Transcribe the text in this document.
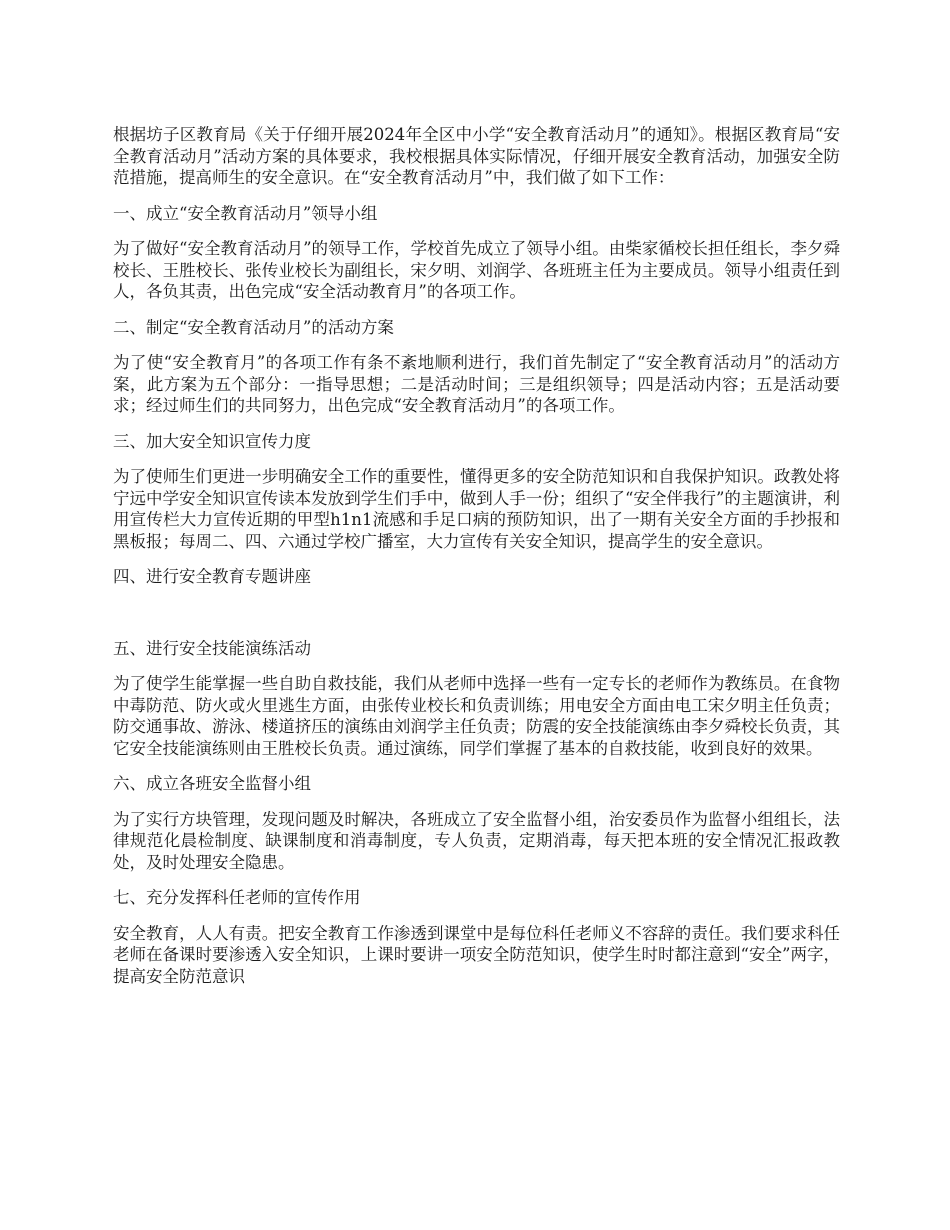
根据坊子区教育局《关于仔细开展2024年全区中小学“安全教育活动月”的通知》。根据区教育局“安全教育活动月”活动方案的具体要求，我校根据具体实际情况，仔细开展安全教育活动，加强安全防范措施，提高师生的安全意识。在“安全教育活动月”中，我们做了如下工作：

一、成立“安全教育活动月”领导小组

为了做好“安全教育活动月”的领导工作，学校首先成立了领导小组。由柴家循校长担任组长，李夕舜校长、王胜校长、张传业校长为副组长，宋夕明、刘润学、各班班主任为主要成员。领导小组责任到人，各负其责，出色完成“安全活动教育月”的各项工作。

二、制定“安全教育活动月”的活动方案

为了使“安全教育月”的各项工作有条不紊地顺利进行，我们首先制定了“安全教育活动月”的活动方案，此方案为五个部分：一指导思想；二是活动时间；三是组织领导；四是活动内容；五是活动要求；经过师生们的共同努力，出色完成“安全教育活动月”的各项工作。

三、加大安全知识宣传力度

为了使师生们更进一步明确安全工作的重要性，懂得更多的安全防范知识和自我保护知识。政教处将宁远中学安全知识宣传读本发放到学生们手中，做到人手一份；组织了“安全伴我行”的主题演讲，利用宣传栏大力宣传近期的甲型h1n1流感和手足口病的预防知识，出了一期有关安全方面的手抄报和黑板报；每周二、四、六通过学校广播室，大力宣传有关安全知识，提高学生的安全意识。

四、进行安全教育专题讲座

五、进行安全技能演练活动

为了使学生能掌握一些自助自救技能，我们从老师中选择一些有一定专长的老师作为教练员。在食物中毒防范、防火或火里逃生方面，由张传业校长和负责训练；用电安全方面由电工宋夕明主任负责；防交通事故、游泳、楼道挤压的演练由刘润学主任负责；防震的安全技能演练由李夕舜校长负责，其它安全技能演练则由王胜校长负责。通过演练，同学们掌握了基本的自救技能，收到良好的效果。

六、成立各班安全监督小组

为了实行方块管理，发现问题及时解决，各班成立了安全监督小组，治安委员作为监督小组组长，法律规范化晨检制度、缺课制度和消毒制度，专人负责，定期消毒，每天把本班的安全情况汇报政教处，及时处理安全隐患。

七、充分发挥科任老师的宣传作用

安全教育，人人有责。把安全教育工作渗透到课堂中是每位科任老师义不容辞的责任。我们要求科任老师在备课时要渗透入安全知识，上课时要讲一项安全防范知识，使学生时时都注意到“安全”两字，提高安全防范意识
